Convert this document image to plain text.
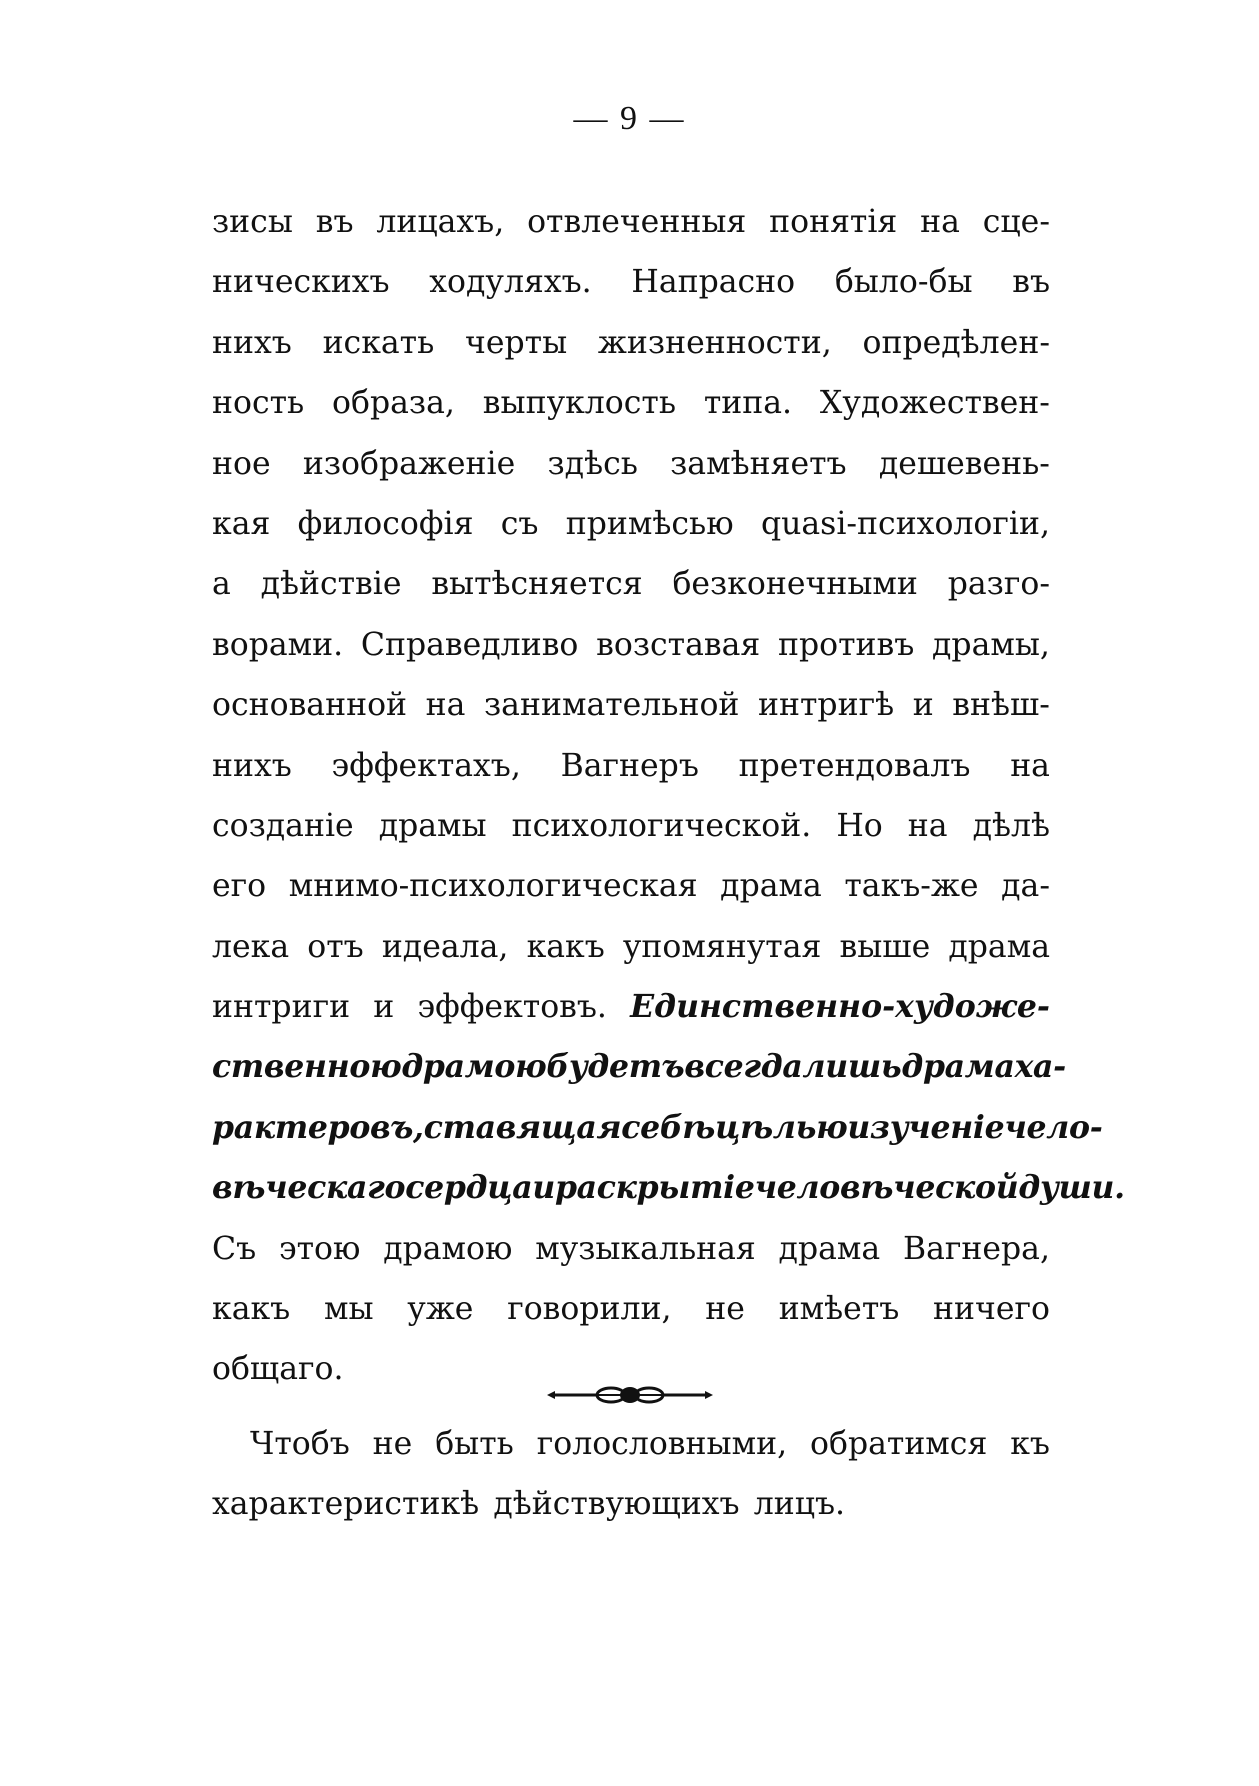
— 9 —
зисы въ лицахъ, отвлеченныя понятія на сце-
ническихъ ходуляхъ. Напрасно было-бы въ
нихъ искать черты жизненности, опредѣлен-
ность образа, выпуклость типа. Художествен-
ное изображеніе здѣсь замѣняетъ дешевень-
кая философія съ примѣсью quasi-психологіи,
а дѣйствіе вытѣсняется безконечными разго-
ворами. Справедливо возставая противъ драмы,
основанной на занимательной интригѣ и внѣш-
нихъ эффектахъ, Вагнеръ претендовалъ на
созданіе драмы психологической. Но на дѣлѣ
его мнимо-психологическая драма такъ-же да-
лека отъ идеала, какъ упомянутая выше драма
интриги и эффектовъ. Единственно-художе-
ственною драмою будетъ всегда лишь драма ха-
рактеровъ, ставящая себѣ цѣлью изученіе чело-
вѣческаго сердца и раскрытіе человѣческой души.
Съ этою драмою музыкальная драма Вагнера,
какъ мы уже говорили, не имѣетъ ничего
общаго.
Чтобъ не быть голословными, обратимся къ
характеристикѣ дѣйствующихъ лицъ.
